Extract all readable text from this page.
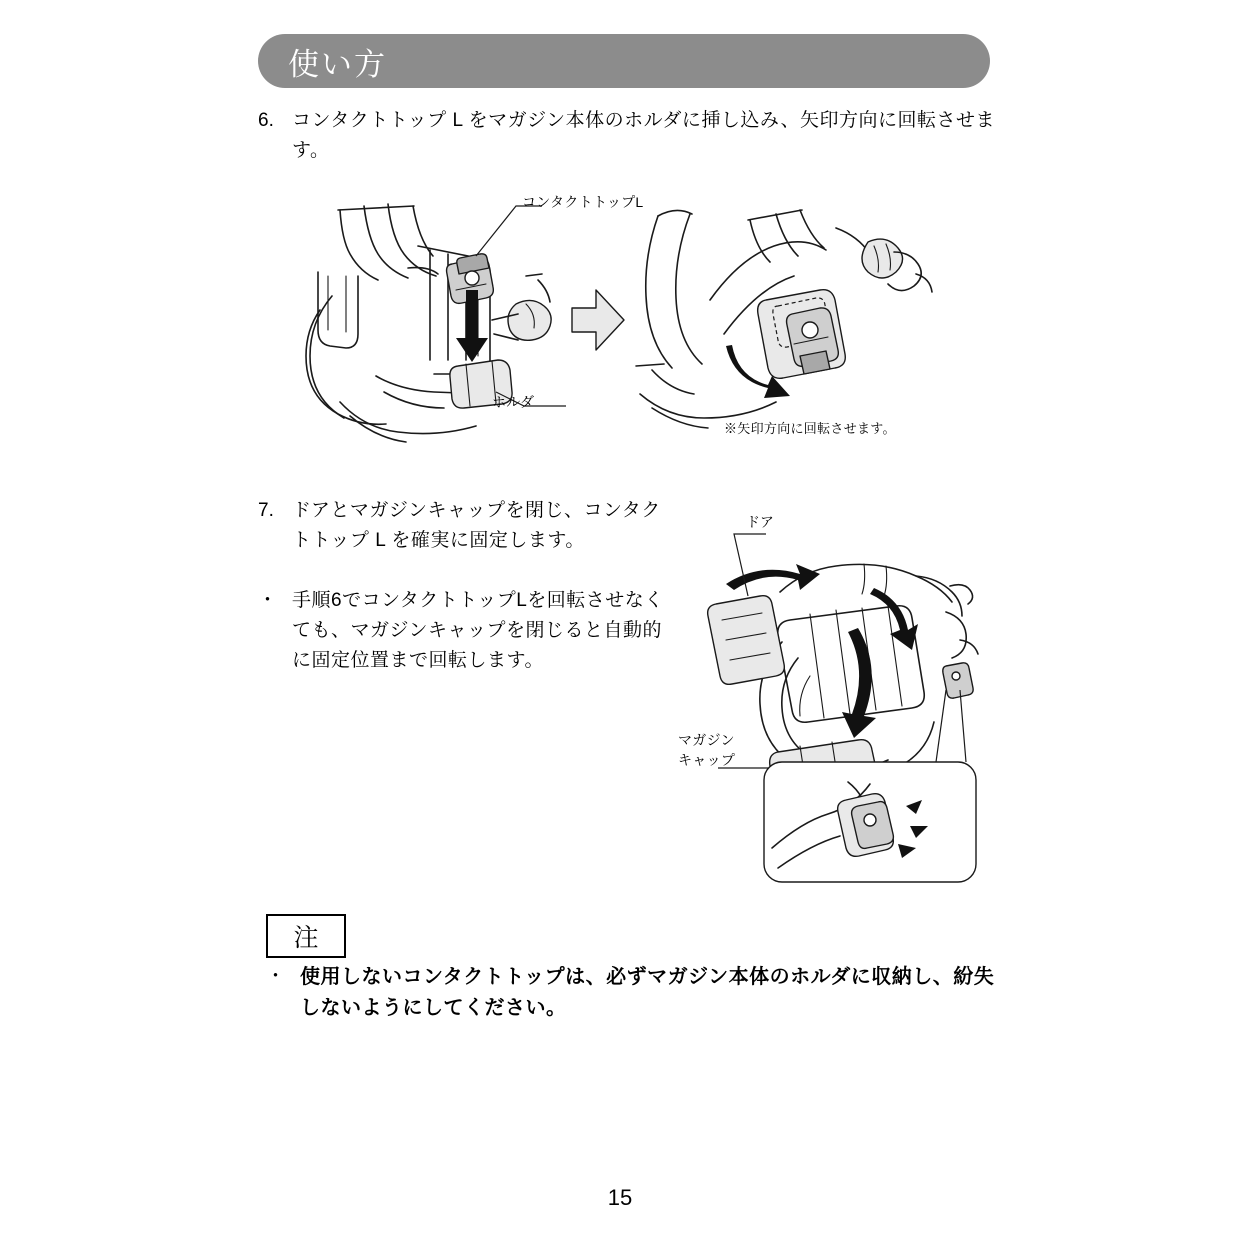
使い方
6. コンタクトトップ L をマガジン本体のホルダに挿し込み、矢印方向に回転させます。
コンタクトトップL
ホルダ
※矢印方向に回転させます。
7. ドアとマガジンキャップを閉じ、コンタクトトップ L を確実に固定します。
・ 手順6でコンタクトトップLを回転させなくても、マガジンキャップを閉じると自動的に固定位置まで回転します。
ドア
マガジン
キャップ
注
・ 使用しないコンタクトトップは、必ずマガジン本体のホルダに収納し、紛失しないようにしてください。
15
